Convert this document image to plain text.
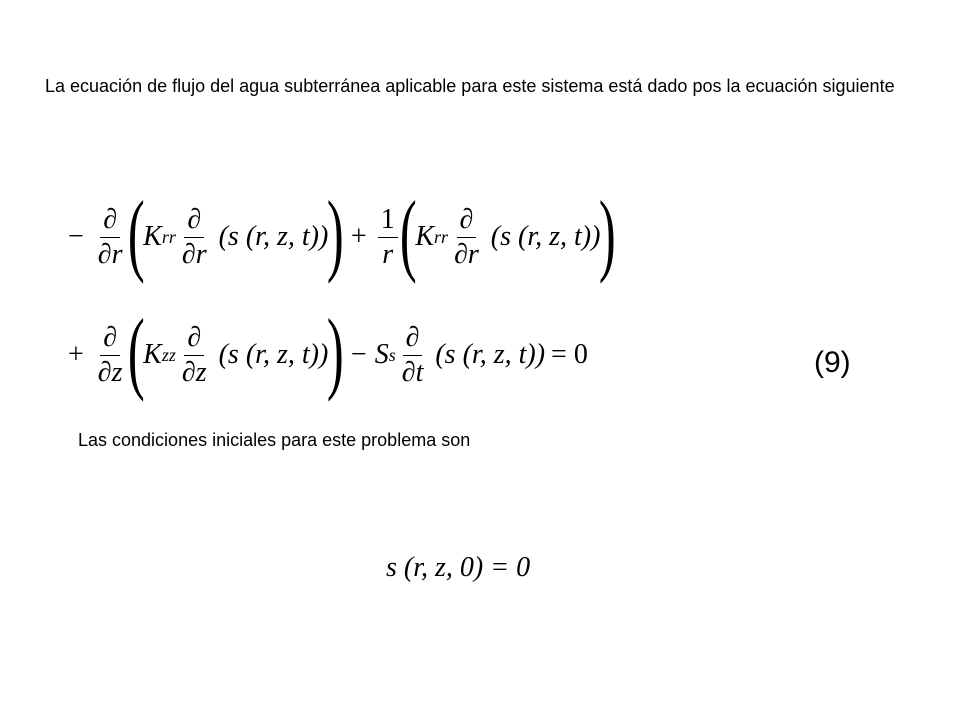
La ecuación de flujo del agua subterránea aplicable para este sistema está dado pos la ecuación siguiente

− $\frac{\partial}{\partial r}$ (
K rr $\frac{\partial}{\partial r} (s$ (r, z, t))
) + $\frac{1}{r}$ (
K rr $\frac{\partial}{\partial r} (s$ (r, z, t))
)
+ $\frac{\partial}{\partial z}$ (
K zz $\frac{\partial}{\partial z} (s$ (r, z, t))
) − S s $\frac{\partial}{\partial t} (s$ (r, z, t)) = 0	(9)

Las condiciones iniciales para este problema son

s (r, z, 0) = 0
